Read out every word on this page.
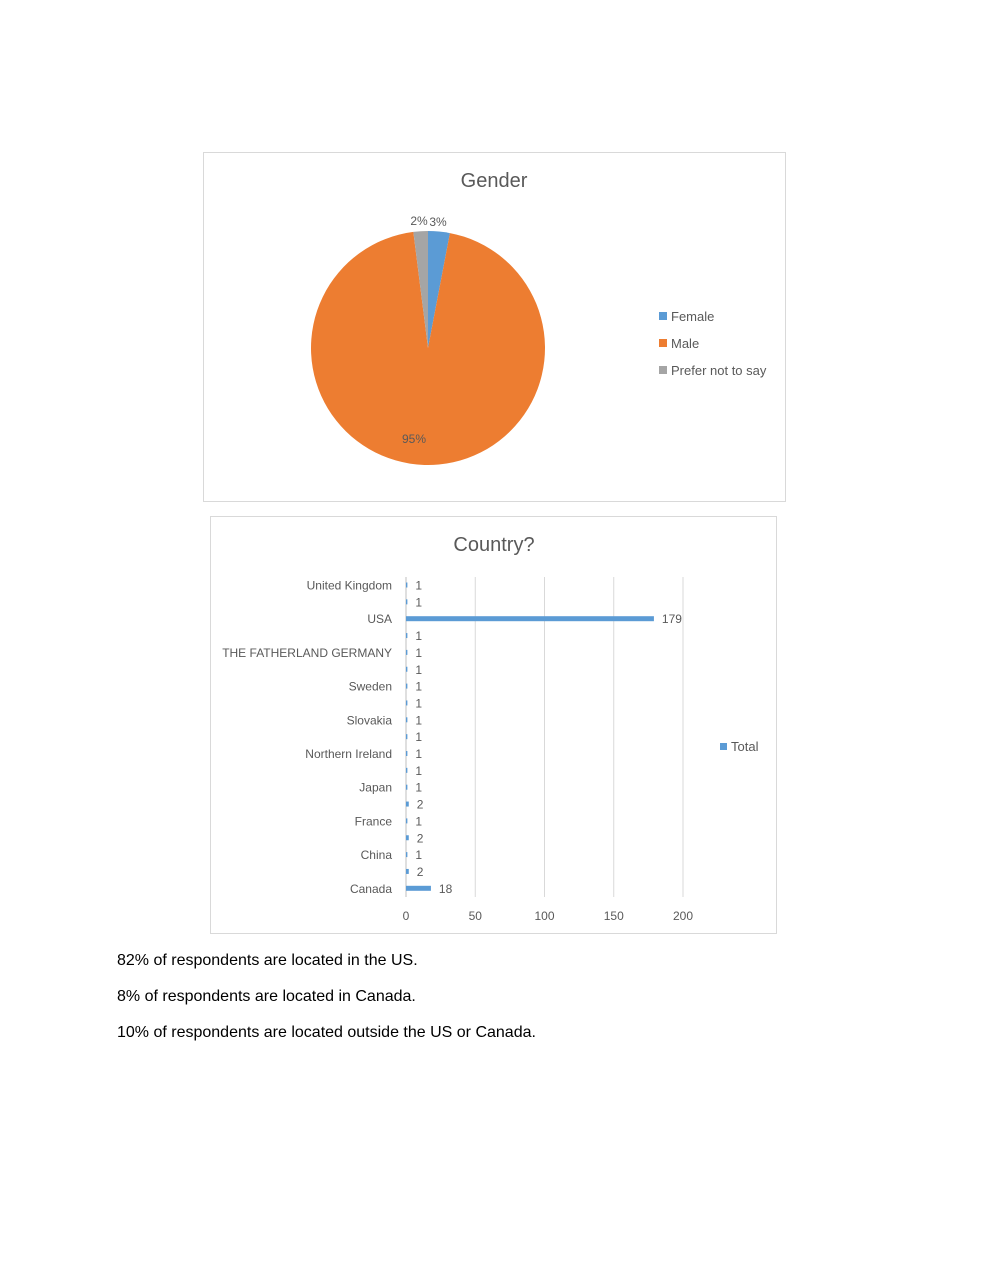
Gender
3%
95%
2%
Female
Male
Prefer not to say
Country?
0	50	100	150	200
1
1
179
1
1
1
1
1
1
1
1
1
1
2
1
2
1
2
18
United Kingdom
USA
THE FATHERLAND GERMANY
Sweden
Slovakia
Northern Ireland
Japan
France
China
Canada
Total

82% of respondents are located in the US.

8% of respondents are located in Canada.

10% of respondents are located outside the US or Canada.
